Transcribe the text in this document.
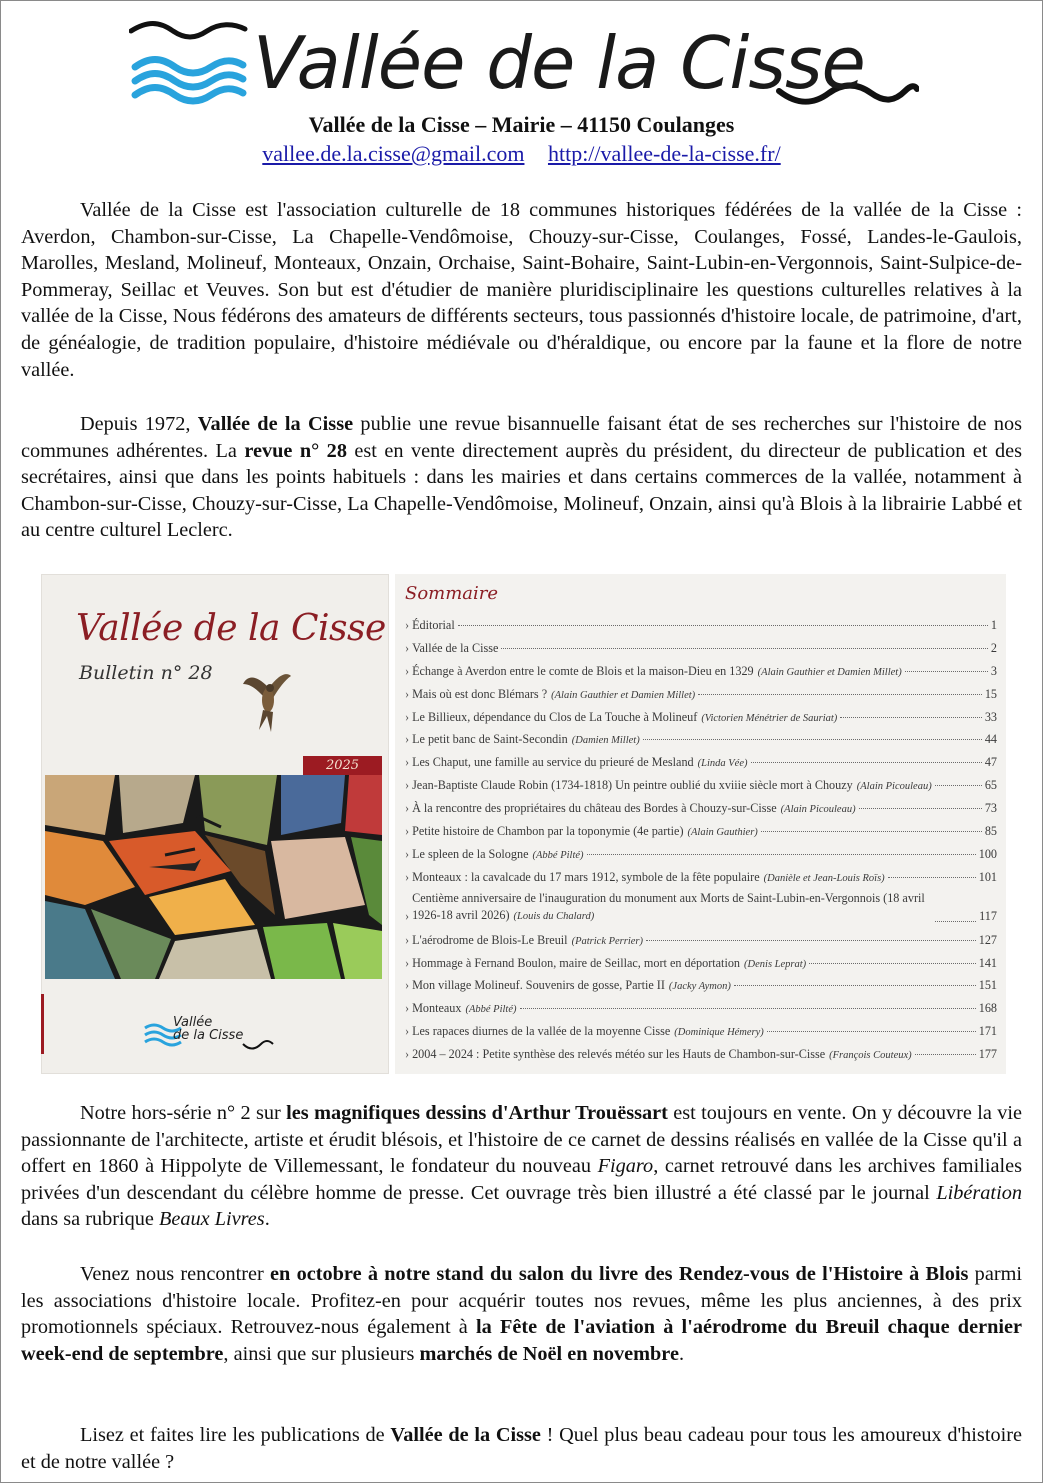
Vallée de la Cisse
Vallée de la Cisse – Mairie – 41150 Coulanges
vallee.de.la.cisse@gmail.com http://vallee-de-la-cisse.fr/

Vallée de la Cisse est l'association culturelle de 18 communes historiques fédérées de la vallée de la Cisse : Averdon, Chambon-sur-Cisse, La Chapelle-Vendômoise, Chouzy-sur-Cisse, Coulanges, Fossé, Landes-le-Gaulois, Marolles, Mesland, Molineuf, Monteaux, Onzain, Orchaise, Saint-Bohaire, Saint-Lubin-en-Vergonnois, Saint-Sulpice-de-Pommeray, Seillac et Veuves. Son but est d'étudier de manière pluridisciplinaire les questions culturelles relatives à la vallée de la Cisse, Nous fédérons des amateurs de différents secteurs, tous passionnés d'histoire locale, de patrimoine, d'art, de généalogie, de tradition populaire, d'histoire médiévale ou d'héraldique, ou encore par la faune et la flore de notre vallée.

Depuis 1972, Vallée de la Cisse publie une revue bisannuelle faisant état de ses recherches sur l'histoire de nos communes adhérentes. La revue n° 28 est en vente directement auprès du président, du directeur de publication et des secrétaires, ainsi que dans les points habituels : dans les mairies et dans certains commerces de la vallée, notamment à Chambon-sur-Cisse, Chouzy-sur-Cisse, La Chapelle-Vendômoise, Molineuf, Onzain, ainsi qu'à Blois à la librairie Labbé et au centre culturel Leclerc.

Vallée de la Cisse
Bulletin n° 28
2025
Vallée
de la Cisse
Sommaire
› Éditorial	1
› Vallée de la Cisse	2
› Échange à Averdon entre le comte de Blois et la maison-Dieu en 1329 (Alain Gauthier et Damien Millet)	3
› Mais où est donc Blémars ? (Alain Gauthier et Damien Millet)	15
› Le Billieux, dépendance du Clos de La Touche à Molineuf (Victorien Ménétrier de Sauriat)	33
› Le petit banc de Saint-Secondin (Damien Millet)	44
› Les Chaput, une famille au service du prieuré de Mesland (Linda Vée)	47
› Jean-Baptiste Claude Robin (1734-1818) Un peintre oublié du xviiie siècle mort à Chouzy (Alain Picouleau)	65
› À la rencontre des propriétaires du château des Bordes à Chouzy-sur-Cisse (Alain Picouleau)	73
› Petite histoire de Chambon par la toponymie (4e partie) (Alain Gauthier)	85
› Le spleen de la Sologne (Abbé Pilté)	100
› Monteaux : la cavalcade du 17 mars 1912, symbole de la fête populaire (Danièle et Jean-Louis Roïs)	101
›
Centième anniversaire de l'inauguration du monument aux Morts de Saint-Lubin-en-Vergonnois (18 avril 1926-18 avril 2026) (Louis du Chalard)	117
› L'aérodrome de Blois-Le Breuil (Patrick Perrier)	127
› Hommage à Fernand Boulon, maire de Seillac, mort en déportation (Denis Leprat)	141
› Mon village Molineuf. Souvenirs de gosse, Partie II (Jacky Aymon)	151
› Monteaux (Abbé Pilté)	168
› Les rapaces diurnes de la vallée de la moyenne Cisse (Dominique Hémery)	171
› 2004 – 2024 : Petite synthèse des relevés météo sur les Hauts de Chambon-sur-Cisse (François Couteux)	177

Notre hors-série n° 2 sur les magnifiques dessins d'Arthur Trouëssart est toujours en vente. On y découvre la vie passionnante de l'architecte, artiste et érudit blésois, et l'histoire de ce carnet de dessins réalisés en vallée de la Cisse qu'il a offert en 1860 à Hippolyte de Villemessant, le fondateur du nouveau Figaro, carnet retrouvé dans les archives familiales privées d'un descendant du célèbre homme de presse. Cet ouvrage très bien illustré a été classé par le journal Libération dans sa rubrique Beaux Livres.

Venez nous rencontrer en octobre à notre stand du salon du livre des Rendez-vous de l'Histoire à Blois parmi les associations d'histoire locale. Profitez-en pour acquérir toutes nos revues, même les plus anciennes, à des prix promotionnels spéciaux. Retrouvez-nous également à la Fête de l'aviation à l'aérodrome du Breuil chaque dernier week-end de septembre, ainsi que sur plusieurs marchés de Noël en novembre.

Lisez et faites lire les publications de Vallée de la Cisse ! Quel plus beau cadeau pour tous les amoureux d'histoire et de notre vallée ?
